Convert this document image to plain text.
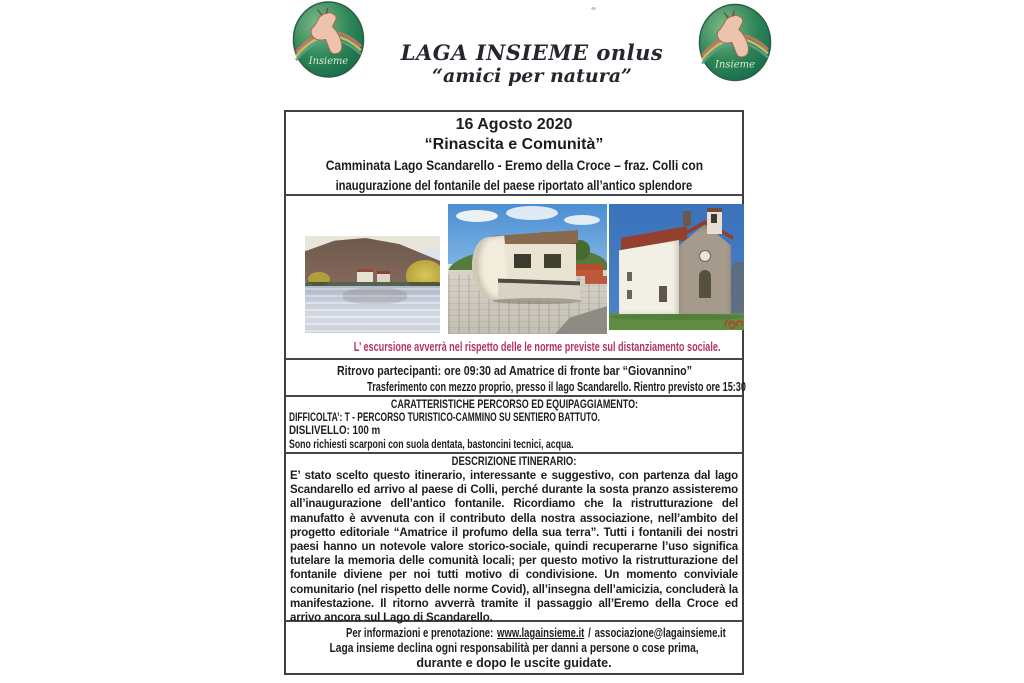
Insieme	Insieme
LAGA INSIEME onlus
“amici per natura”
16 Agosto 2020
“Rinascita e Comunità”
Camminata Lago Scandarello - Eremo della Croce – fraz. Colli con
inaugurazione del fontanile del paese riportato all’antico splendore
L’ escursione avverrà nel rispetto delle le norme previste sul distanziamento sociale.
Ritrovo partecipanti: ore 09:30 ad Amatrice di fronte bar “Giovannino”
Trasferimento con mezzo proprio, presso il lago Scandarello. Rientro previsto ore 15:30
CARATTERISTICHE PERCORSO ED EQUIPAGGIAMENTO:
DIFFICOLTA’: T - PERCORSO TURISTICO-CAMMINO SU SENTIERO BATTUTO.
DISLIVELLO: 100 m
Sono richiesti scarponi con suola dentata, bastoncini tecnici, acqua.
DESCRIZIONE ITINERARIO:

E’ stato scelto questo itinerario, interessante e suggestivo, con partenza dal lago Scandarello ed arrivo al paese di Colli, perché durante la sosta pranzo assisteremo all’inaugurazione dell’antico fontanile. Ricordiamo che la ristrutturazione del manufatto è avvenuta con il contributo della nostra associazione, nell’ambito del progetto editoriale “Amatrice il profumo della sua terra”. Tutti i fontanili dei nostri paesi hanno un notevole valore storico-sociale, quindi recuperarne l’uso significa tutelare la memoria delle comunità locali; per questo motivo la ristrutturazione del fontanile diviene per noi tutti motivo di condivisione. Un momento conviviale comunitario (nel rispetto delle norme Covid), all’insegna dell’amicizia, concluderà la manifestazione. Il ritorno avverrà tramite il passaggio all’Eremo della Croce ed arrivo ancora sul Lago di Scandarello.

Per informazioni e prenotazione: www.lagainsieme.it / associazione@lagainsieme.it
Laga insieme declina ogni responsabilità per danni a persone o cose prima,
durante e dopo le uscite guidate.
